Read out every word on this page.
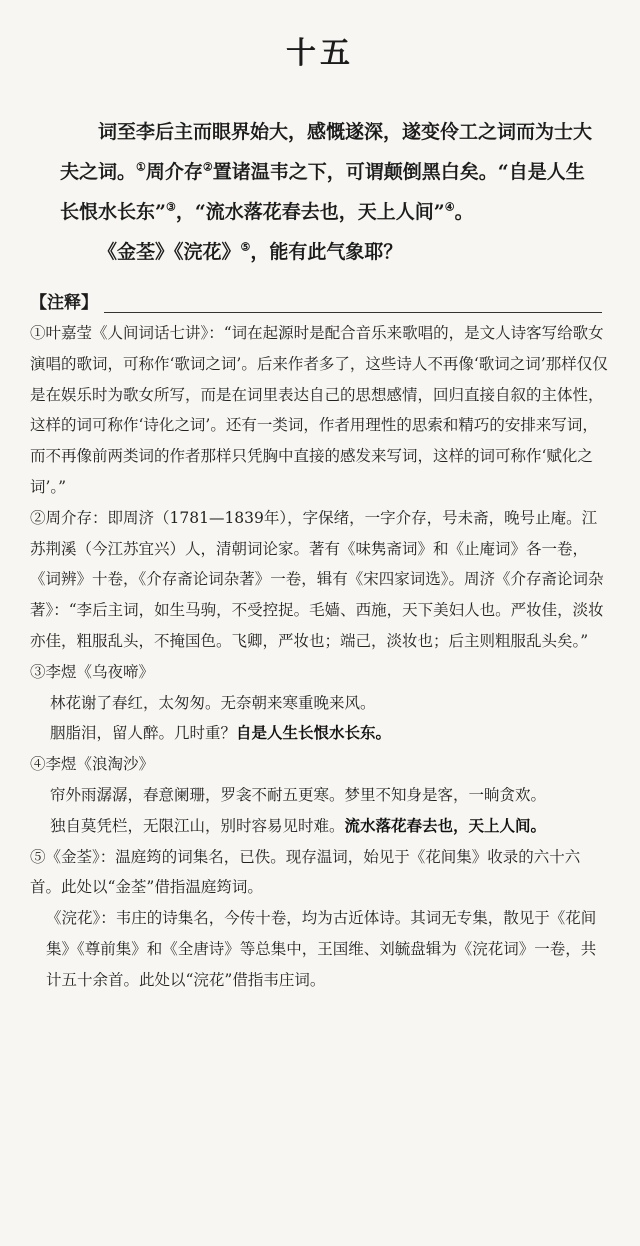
十五

词至李后主而眼界始大，感慨遂深，遂变伶工之词而为士大夫之词。①周介存②置诸温韦之下，可谓颠倒黑白矣。“自是人生长恨水长东”③，“流水落花春去也，天上人间”④。

《金荃》《浣花》⑤，能有此气象耶？

【注释】

①叶嘉莹《人间词话七讲》：“词在起源时是配合音乐来歌唱的，是文人诗客写给歌女演唱的歌词，可称作‘歌词之词’。后来作者多了，这些诗人不再像‘歌词之词’那样仅仅是在娱乐时为歌女所写，而是在词里表达自己的思想感情，回归直接自叙的主体性，这样的词可称作‘诗化之词’。还有一类词，作者用理性的思索和精巧的安排来写词，而不再像前两类词的作者那样只凭胸中直接的感发来写词，这样的词可称作‘赋化之词’。”

②周介存：即周济（1781—1839年），字保绪，一字介存，号未斋，晚号止庵。江苏荆溪（今江苏宜兴）人，清朝词论家。著有《味隽斋词》和《止庵词》各一卷，《词辨》十卷，《介存斋论词杂著》一卷，辑有《宋四家词选》。周济《介存斋论词杂著》：“李后主词，如生马驹，不受控捉。毛嫱、西施，天下美妇人也。严妆佳，淡妆亦佳，粗服乱头，不掩国色。飞卿，严妆也；端己，淡妆也；后主则粗服乱头矣。”

③李煜《乌夜啼》

林花谢了春红，太匆匆。无奈朝来寒重晚来风。

胭脂泪，留人醉。几时重？自是人生长恨水长东。

④李煜《浪淘沙》

帘外雨潺潺，春意阑珊，罗衾不耐五更寒。梦里不知身是客，一晌贪欢。

独自莫凭栏，无限江山，别时容易见时难。流水落花春去也，天上人间。

⑤《金荃》：温庭筠的词集名，已佚。现存温词，始见于《花间集》收录的六十六首。此处以“金荃”借指温庭筠词。

《浣花》：韦庄的诗集名，今传十卷，均为古近体诗。其词无专集，散见于《花间集》《尊前集》和《全唐诗》等总集中，王国维、刘毓盘辑为《浣花词》一卷，共计五十余首。此处以“浣花”借指韦庄词。
